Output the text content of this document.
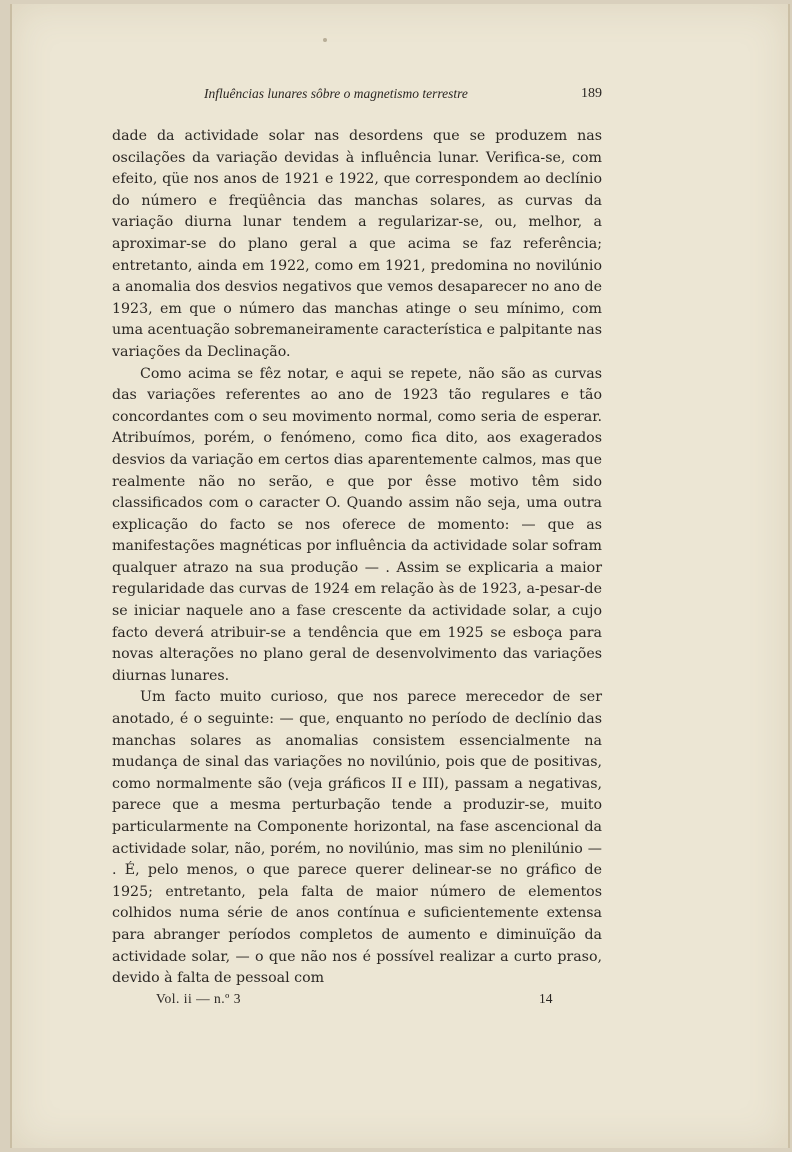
Influências lunares sôbre o magnetismo terrestre	189

dade da actividade solar nas desordens que se produzem nas oscilações da variação devidas à influência lunar. Verifica-se, com efeito, qüe nos anos de 1921 e 1922, que correspondem ao declínio do número e freqüência das manchas solares, as curvas da variação diurna lunar tendem a regularizar-se, ou, melhor, a aproximar-se do plano geral a que acima se faz referência; entretanto, ainda em 1922, como em 1921, predomina no novilúnio a anomalia dos desvios negativos que vemos desaparecer no ano de 1923, em que o número das manchas atinge o seu mínimo, com uma acentuação sobremaneiramente característica e palpitante nas variações da Declinação.

Como acima se fêz notar, e aqui se repete, não são as curvas das variações referentes ao ano de 1923 tão regulares e tão concordantes com o seu movimento normal, como seria de esperar. Atribuímos, porém, o fenómeno, como fica dito, aos exagerados desvios da variação em certos dias aparentemente calmos, mas que realmente não no serão, e que por êsse motivo têm sido classificados com o caracter O. Quando assim não seja, uma outra explicação do facto se nos oferece de momento: — que as manifestações magnéticas por influência da actividade solar sofram qualquer atrazo na sua produção — . Assim se explicaria a maior regularidade das curvas de 1924 em relação às de 1923, a-pesar-de se iniciar naquele ano a fase crescente da actividade solar, a cujo facto deverá atribuir-se a tendência que em 1925 se esboça para novas alterações no plano geral de desenvolvimento das variações diurnas lunares.

Um facto muito curioso, que nos parece merecedor de ser anotado, é o seguinte: — que, enquanto no período de declínio das manchas solares as anomalias consistem essencialmente na mudança de sinal das variações no novilúnio, pois que de positivas, como normalmente são (veja gráficos II e III), passam a negativas, parece que a mesma perturbação tende a produzir-se, muito particularmente na Componente horizontal, na fase ascencional da actividade solar, não, porém, no novilúnio, mas sim no plenilúnio — . É, pelo menos, o que parece querer delinear-se no gráfico de 1925; entretanto, pela falta de maior número de elementos colhidos numa série de anos contínua e suficientemente extensa para abranger períodos completos de aumento e diminuïção da actividade solar, — o que não nos é possível realizar a curto praso, devido à falta de pessoal com

Vol. ii — n.º 3	14
